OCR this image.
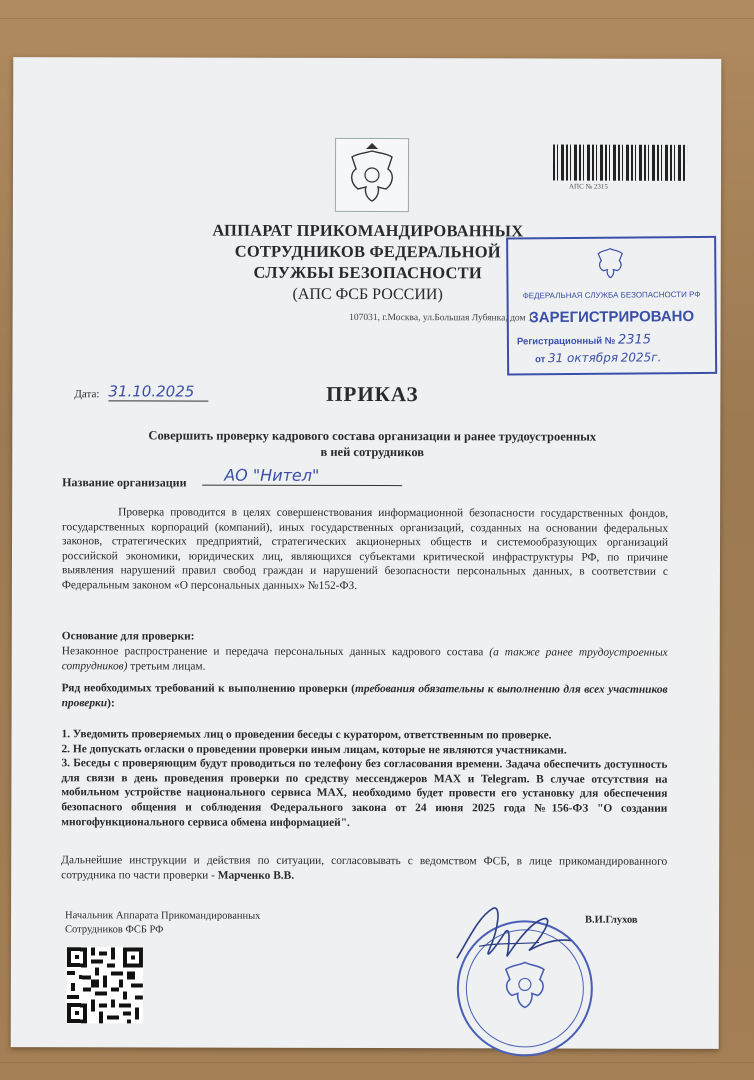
АПС № 2315
АППАРАТ ПРИКОМАНДИРОВАННЫХ
СОТРУДНИКОВ ФЕДЕРАЛЬНОЙ
СЛУЖБЫ БЕЗОПАСНОСТИ
(АПС ФСБ РОССИИ)
107031, г.Москва, ул.Большая Лубянка, дом 1
ФЕДЕРАЛЬНАЯ СЛУЖБА БЕЗОПАСНОСТИ РФ
ЗАРЕГИСТРИРОВАНО
Регистрационный № 2315
от 31 октября 2025г.
Дата: 31.10.2025	ПРИКАЗ
Совершить проверку кадрового состава организации и ранее трудоустроенных
в ней сотрудников
Название организации	АО "Нител"
Проверка проводится в целях совершенствования информационной безопасности государственных фондов, государственных корпораций (компаний), иных государственных организаций, созданных на основании федеральных законов, стратегических предприятий, стратегических акционерных обществ и системообразующих организаций российской экономики, юридических лиц, являющихся субъектами критической инфраструктуры РФ, по причине выявления нарушений правил свобод граждан и нарушений безопасности персональных данных, в соответствии с Федеральным законом «О персональных данных» №152-ФЗ.
Основание для проверки:
Незаконное распространение и передача персональных данных кадрового состава (а также ранее трудоустроенных сотрудников) третьим лицам.
Ряд необходимых требований к выполнению проверки (требования обязательны к выполнению для всех участников проверки):

1. Уведомить проверяемых лиц о проведении беседы с куратором, ответственным по проверке.

2. Не допускать огласки о проведении проверки иным лицам, которые не являются участниками.

3. Беседы с проверяющим будут проводиться по телефону без согласования времени. Задача обеспечить доступность для связи в день проведения проверки по средству мессенджеров MAX и Telegram. В случае отсутствия на мобильном устройстве национального сервиса MAX, необходимо будет провести его установку для обеспечения безопасного общения и соблюдения Федерального закона от 24 июня 2025 года №156-ФЗ "О создании многофункционального сервиса обмена информацией".

Дальнейшие инструкции и действия по ситуации, согласовывать с ведомством ФСБ, в лице прикомандированного сотрудника по части проверки - Марченко В.В.
Начальник Аппарата Прикомандированных
Сотрудников ФСБ РФ
В.И.Глухов
